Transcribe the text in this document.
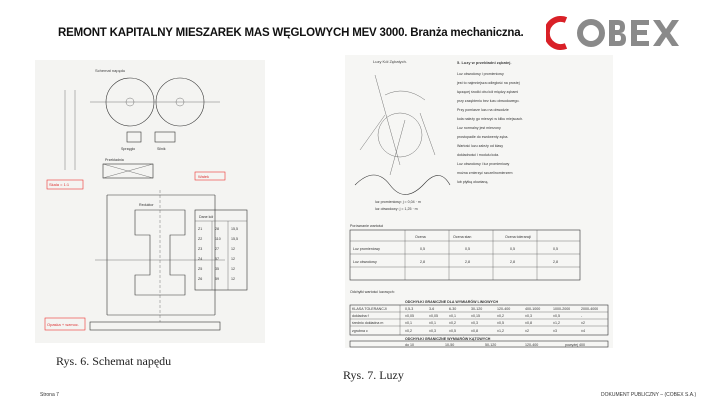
REMONT KAPITALNY MIESZAREK MAS WĘGLOWYCH MEV 3000. Branża mechaniczna.
Schemat napędu
Sprzęgło	Silnik
Przekładnia
Skala = 1:1
Wałek
Opaska + wzmoc.
Reduktor
Dane kół
Z1	28	15,5
Z2	110	15,5
Z3	27	12
Z4	57	12
Z5	35	12
Z6	59	12
Luzy Kół Zębatych.
luz promieniowy: j = 0,04 · m
luz obwodowy: j = 1,25 · m
5. Luzy w przekładni zębatej.
Luz obwodowy i promieniowy
jest to najmniejsza odległość na prostej
łączącej środki obu kół między zębami
przy zazębieniu bez luzu obwodowego.
Przy pomiarze luzu na obwodzie
koła należy go mierzyć w kilku miejscach.
Luz normalny jest mierzony
prostopadle do ewolwenty zęba.
Wartość luzu zależy od klasy
dokładności i modułu koła.
Luz obwodowy i luz promieniowy
można zmierzyć szczelinomierzem
lub płytką ołowianą.
Porównanie wartości
Ocena	Ocena stan	Ocena tolerancji
Luz promieniowy	0,5	0,5	0,5	0,5
Luz obwodowy	2,8	2,8	2,8	2,8
Odchyłki wartości luzowych:
ODCHYŁKI GRANICZNE DLA WYMIARÓW LINIOWYCH
KLASA TOLERANCJI	0,5-3	3-6	6-30	30-120	120-400	400-1000	1000-2000	2000-4000
dokładna f	±0,05	±0,05	±0,1	±0,15	±0,2	±0,3	±0,5	-
średnio dokładna m	±0,1	±0,1	±0,2	±0,3	±0,5	±0,8	±1,2	±2
zgrubna c	±0,2	±0,3	±0,5	±0,8	±1,2	±2	±3	±4
ODCHYŁKI GRANICZNE WYMIARÓW KĄTOWYCH
do 10	10-50	50-120	120-400	powyżej 400
Rys. 6. Schemat napędu
Rys. 7. Luzy
Strona 7	DOKUMENT PUBLICZNY – (COBEX S.A.)
